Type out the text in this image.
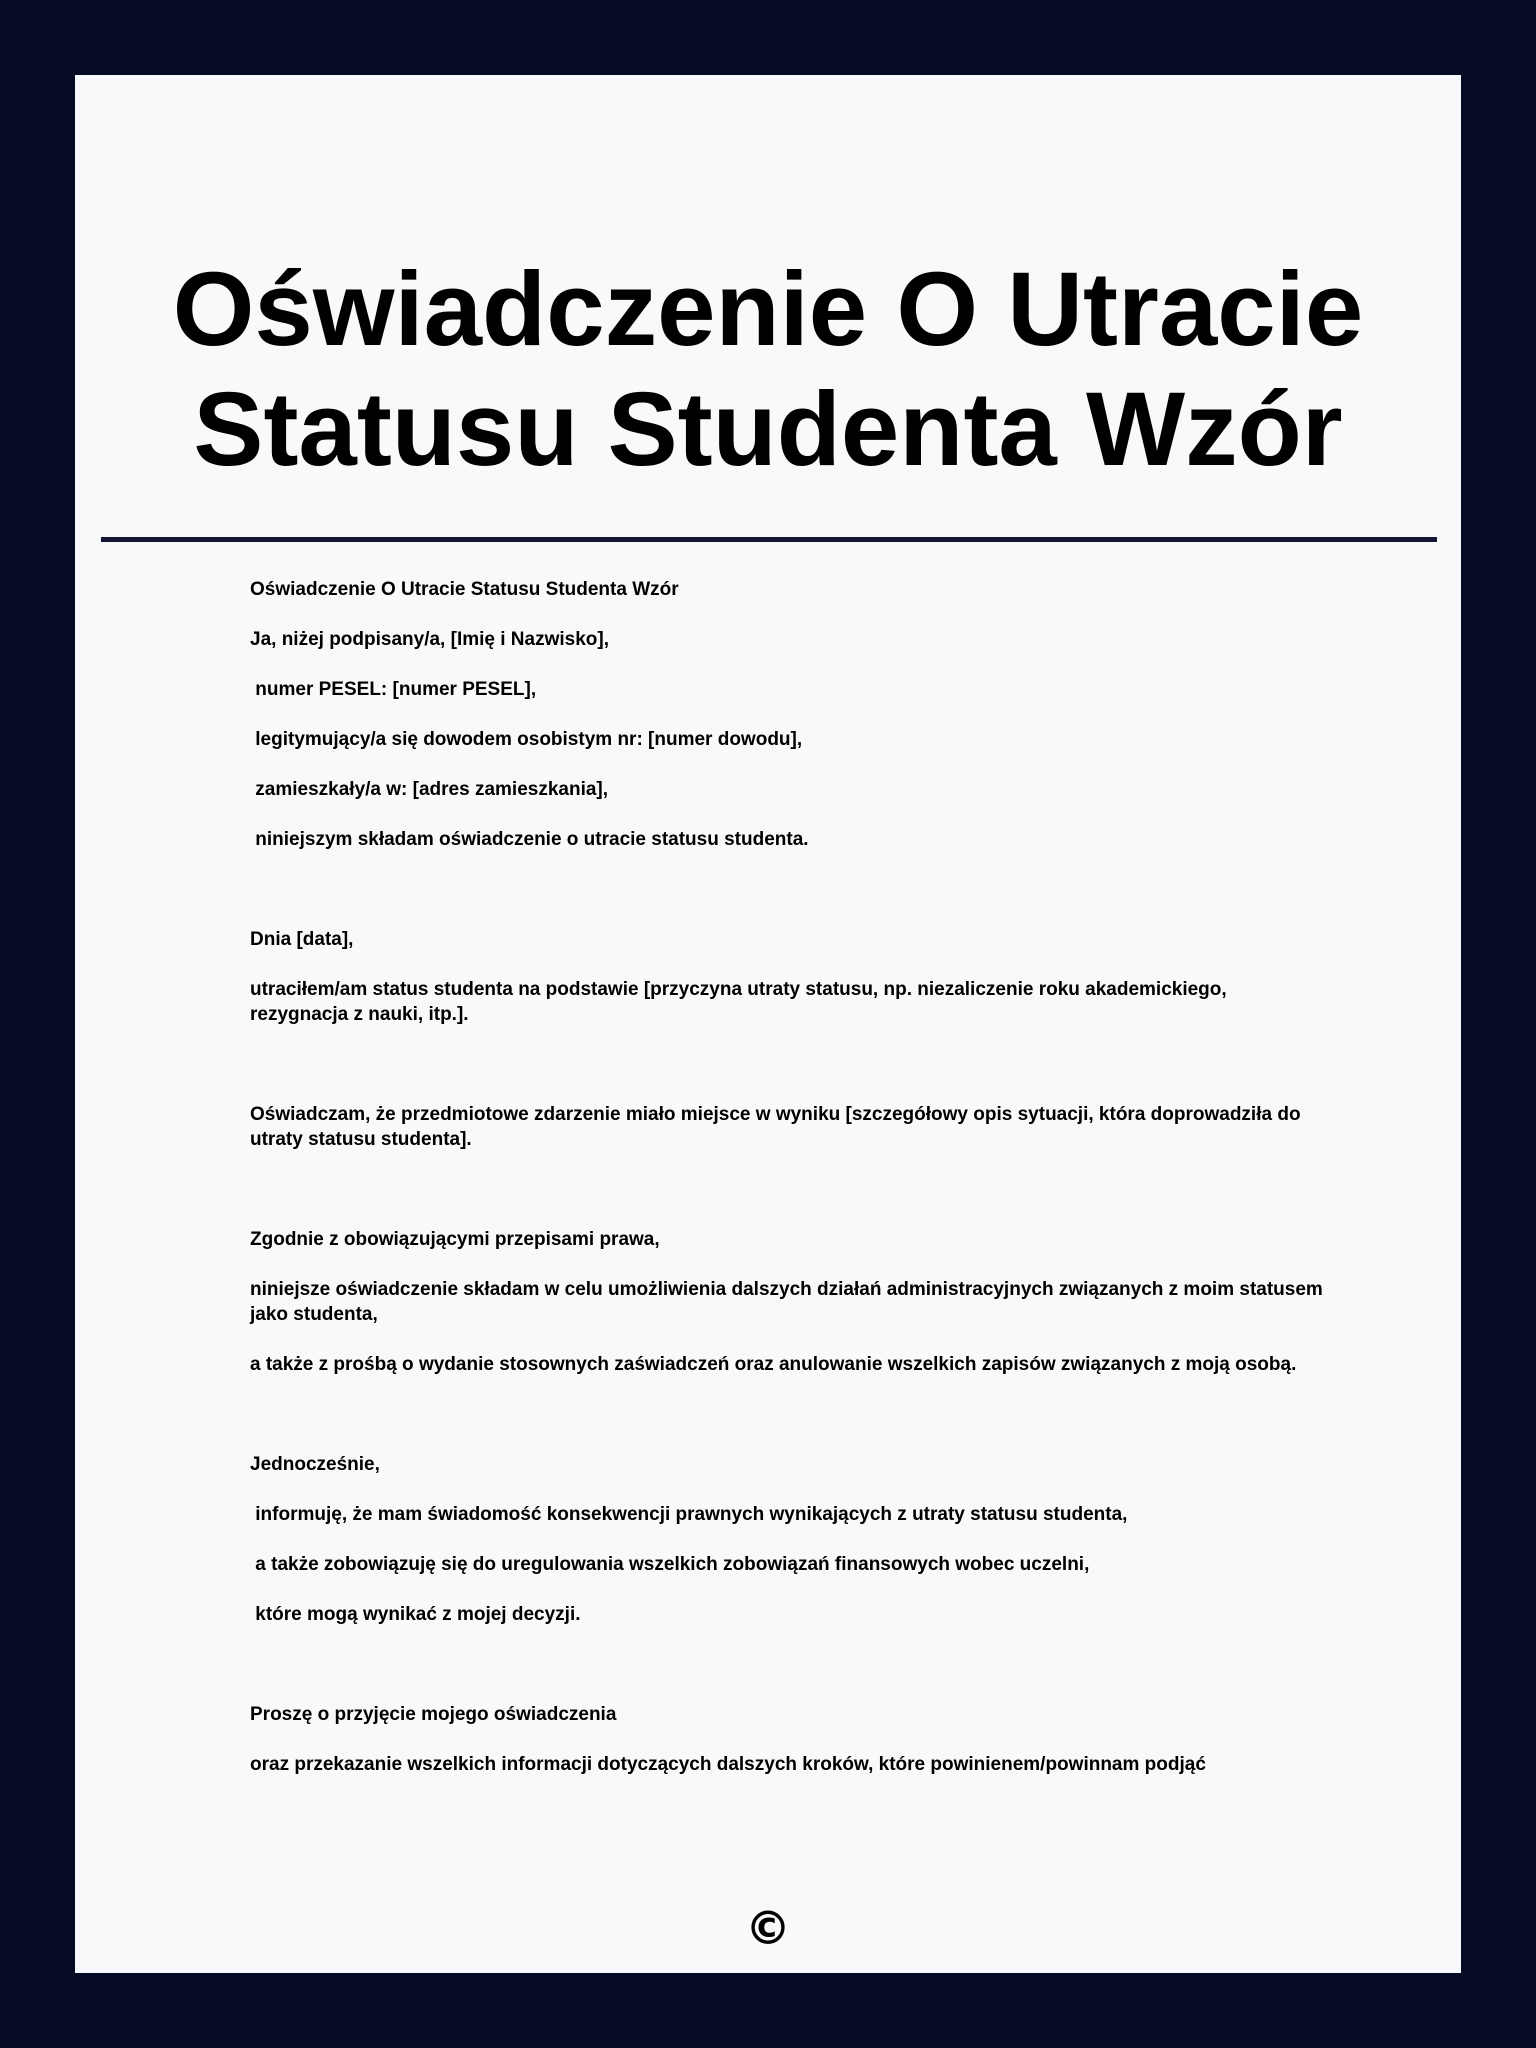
Oświadczenie O Utracie Statusu Studenta Wzór

Oświadczenie O Utracie Statusu Studenta Wzór

Ja, niżej podpisany/a, [Imię i Nazwisko],

numer PESEL: [numer PESEL],

legitymujący/a się dowodem osobistym nr: [numer dowodu],

zamieszkały/a w: [adres zamieszkania],

niniejszym składam oświadczenie o utracie statusu studenta.

Dnia [data],

utraciłem/am status studenta na podstawie [przyczyna utraty statusu, np. niezaliczenie roku akademickiego, rezygnacja z nauki, itp.].

Oświadczam, że przedmiotowe zdarzenie miało miejsce w wyniku [szczegółowy opis sytuacji, która doprowadziła do utraty statusu studenta].

Zgodnie z obowiązującymi przepisami prawa,

niniejsze oświadczenie składam w celu umożliwienia dalszych działań administracyjnych związanych z moim statusem jako studenta,

a także z prośbą o wydanie stosownych zaświadczeń oraz anulowanie wszelkich zapisów związanych z moją osobą.

Jednocześnie,

informuję, że mam świadomość konsekwencji prawnych wynikających z utraty statusu studenta,

a także zobowiązuję się do uregulowania wszelkich zobowiązań finansowych wobec uczelni,

które mogą wynikać z mojej decyzji.

Proszę o przyjęcie mojego oświadczenia

oraz przekazanie wszelkich informacji dotyczących dalszych kroków, które powinienem/powinnam podjąć

©
